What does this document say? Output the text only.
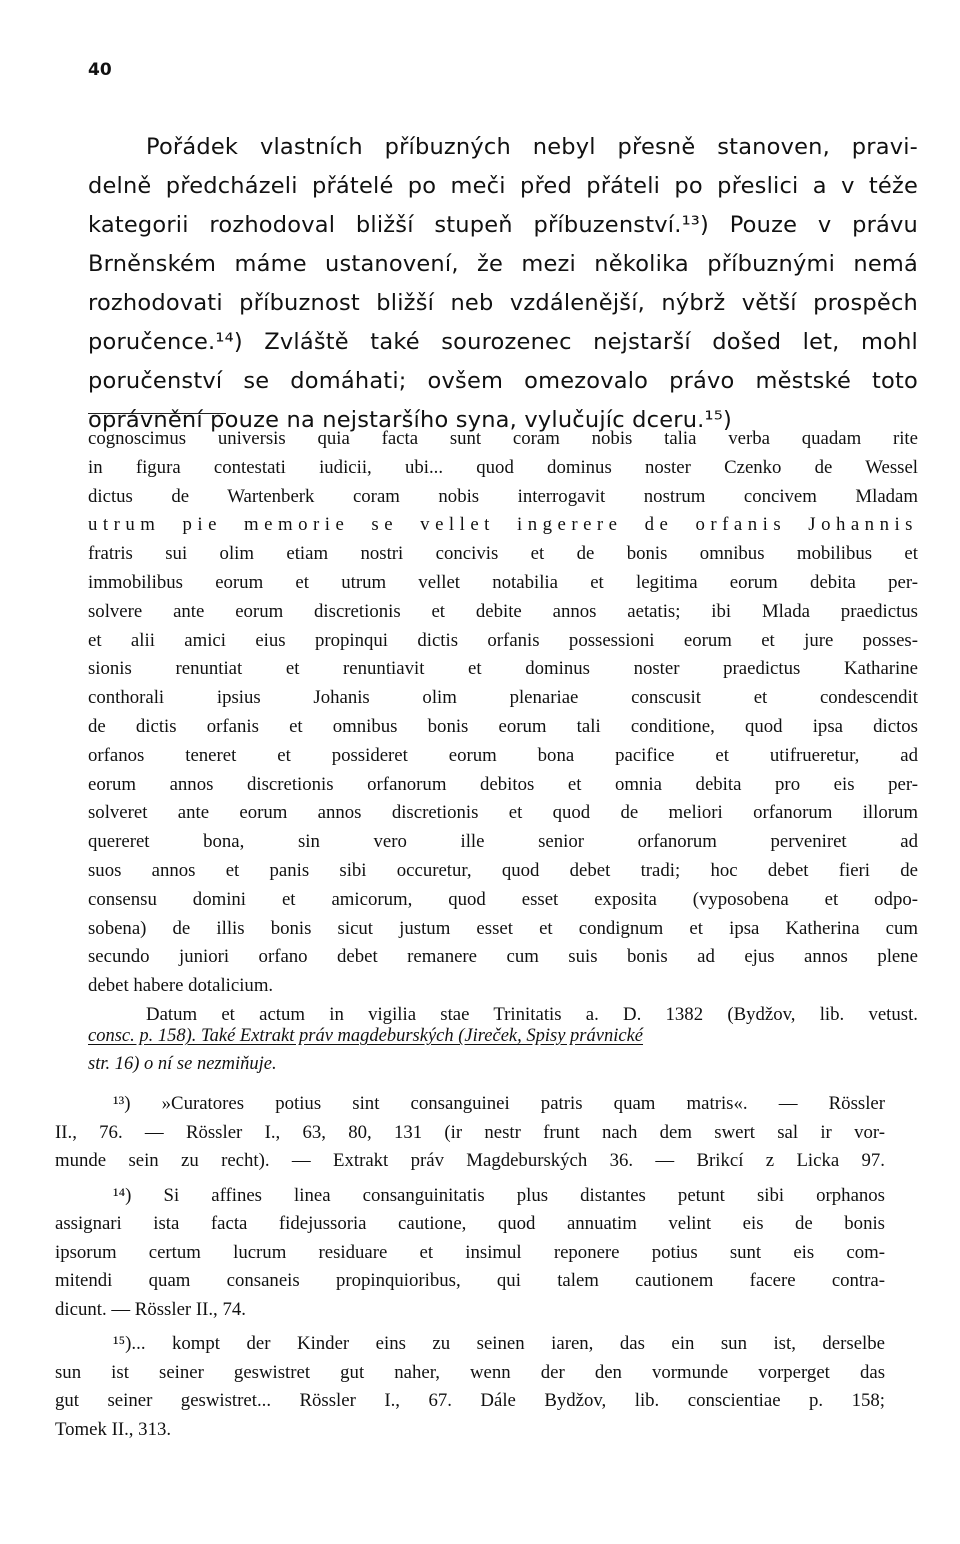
40
Pořádek vlastních příbuzných nebyl přesně stanoven, pravi-
delně předcházeli přátelé po meči před přáteli po přeslici a v téže
kategorii rozhodoval bližší stupeň příbuzenství.¹³) Pouze v právu
Brněnském máme ustanovení, že mezi několika příbuznými nemá
rozhodovati příbuznost bližší neb vzdálenější, nýbrž větší prospěch
poručence.¹⁴) Zvláště také sourozenec nejstarší došed let, mohl
poručenství se domáhati; ovšem omezovalo právo městské toto
oprávnění pouze na nejstaršího syna, vylučujíc dceru.¹⁵)
cognoscimus universis quia facta sunt coram nobis talia verba quadam rite
in figura contestati iudicii, ubi... quod dominus noster Czenko de Wessel
dictus de Wartenberk coram nobis interrogavit nostrum concivem Mladam
utrum pie memorie se vellet ingerere de orfanis Johannis
fratris sui olim etiam nostri concivis et de bonis omnibus mobilibus et
immobilibus eorum et utrum vellet notabilia et legitima eorum debita per-
solvere ante eorum discretionis et debite annos aetatis; ibi Mlada praedictus
et alii amici eius propinqui dictis orfanis possessioni eorum et jure posses-
sionis renuntiat et renuntiavit et dominus noster praedictus Katharine
conthorali ipsius Johanis olim plenariae conscusit et condescendit
de dictis orfanis et omnibus bonis eorum tali conditione, quod ipsa dictos
orfanos teneret et possideret eorum bona pacifice et utifrueretur, ad
eorum annos discretionis orfanorum debitos et omnia debita pro eis per-
solveret ante eorum annos discretionis et quod de meliori orfanorum illorum
quereret bona, sin vero ille senior orfanorum perveniret ad
suos annos et panis sibi occuretur, quod debet tradi; hoc debet fieri de
consensu domini et amicorum, quod esset exposita (vyposobena et odpo-
sobena) de illis bonis sicut justum esset et condignum et ipsa Katherina cum
secundo juniori orfano debet remanere cum suis bonis ad ejus annos plene
debet habere dotalicium.
Datum et actum in vigilia stae Trinitatis a. D. 1382 (Bydžov, lib. vetust.
consc. p. 158). Také Extrakt práv magdeburských (Jireček, Spisy právnické
str. 16) o ní se nezmiňuje.
¹³) »Curatores potius sint consanguinei patris quam matris«. — Rössler
II., 76. — Rössler I., 63, 80, 131 (ir nestr frunt nach dem swert sal ir vor-
munde sein zu recht). — Extrakt práv Magdeburských 36. — Brikcí z Licka 97.
¹⁴) Si affines linea consanguinitatis plus distantes petunt sibi orphanos
assignari ista facta fidejussoria cautione, quod annuatim velint eis de bonis
ipsorum certum lucrum residuare et insimul reponere potius sunt eis com-
mitendi quam consaneis propinquioribus, qui talem cautionem facere contra-
dicunt. — Rössler II., 74.
¹⁵)... kompt der Kinder eins zu seinen iaren, das ein sun ist, derselbe
sun ist seiner geswistret gut naher, wenn der den vormunde vorperget das
gut seiner geswistret... Rössler I., 67. Dále Bydžov, lib. conscientiae p. 158;
Tomek II., 313.
